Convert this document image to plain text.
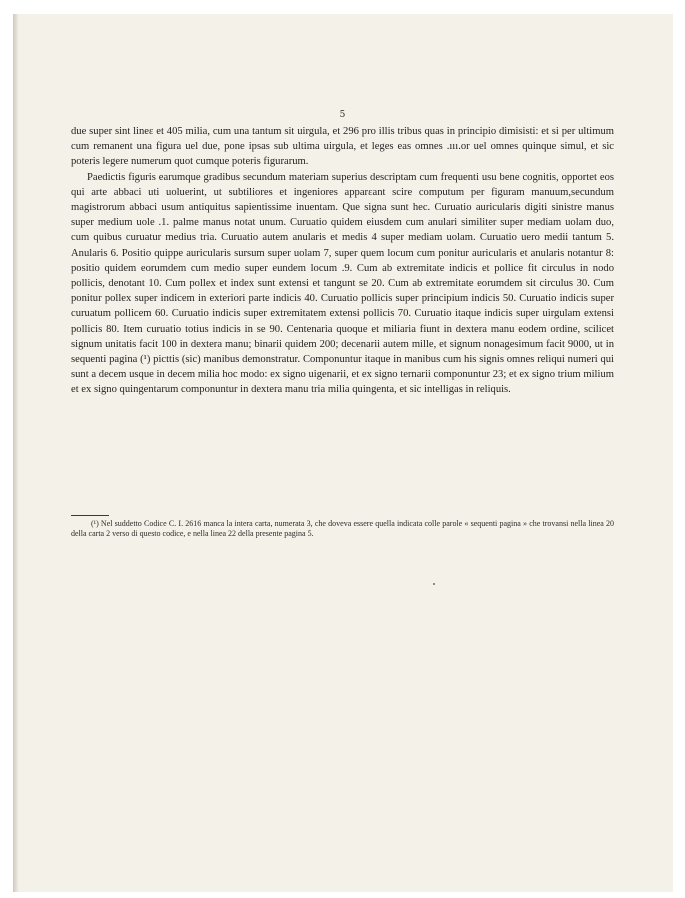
5

due super sint lineε et 405 milia, cum una tantum sit uirgula, et 296 pro illis tribus quas in principio dimisisti: et si per ultimum cum remanent una figura uel due, pone ipsas sub ultima uirgula, et leges eas omnes .ııı.or uel omnes quinque simul, et sic poteris legere numerum quot cumque poteris figurarum.

Paedictis figuris earumque gradibus secundum materiam superius descriptam cum frequenti usu bene cognitis, opportet eos qui arte abbaci uti uoluerint, ut subtiliores et ingeniores apparεant scire computum per figuram manuum,secundum magistrorum abbaci usum antiquitus sapientissime inuentam. Que signa sunt hec. Curuatio auricularis digiti sinistre manus super medium uole .1. palme manus notat unum. Curuatio quidem eiusdem cum anulari similiter super mediam uolam duo, cum quibus curuatur medius tria. Curuatio autem anularis et medis 4 super mediam uolam. Curuatio uero medii tantum 5. Anularis 6. Positio quippe auricularis sursum super uolam 7, super quem locum cum ponitur auricularis et anularis notantur 8: positio quidem eorumdem cum medio super eundem locum .9. Cum ab extremitate indicis et pollice fit circulus in nodo pollicis, denotant 10. Cum pollex et index sunt extensi et tangunt se 20. Cum ab extremitate eorumdem sit circulus 30. Cum ponitur pollex super indicem in exteriori parte indicis 40. Curuatio pollicis super principium indicis 50. Curuatio indicis super curuatum pollicem 60. Curuatio indicis super extremitatem extensi pollicis 70. Curuatio itaque indicis super uirgulam extensi pollicis 80. Item curuatio totius indicis in se 90. Centenaria quoque et miliaria fiunt in dextera manu eodem ordine, scilicet signum unitatis facit 100 in dextera manu; binarii quidem 200; decenarii autem mille, et signum nonagesimum facit 9000, ut in sequenti pagina (¹) picttis (sic) manibus demonstratur. Componuntur itaque in manibus cum his signis omnes reliqui numeri qui sunt a decem usque in decem milia hoc modo: ex signo uigenarii, et ex signo ternarii componuntur 23; et ex signo trium milium et ex signo quingentarum componuntur in dextera manu tria milia quingenta, et sic intelligas in reliquis.

(¹) Nel suddetto Codice C. I. 2616 manca la intera carta, numerata 3, che doveva essere quella indicata colle parole « sequenti pagina » che trovansi nella linea 20 della carta 2 verso di questo codice, e nella linea 22 della presente pagina 5.
